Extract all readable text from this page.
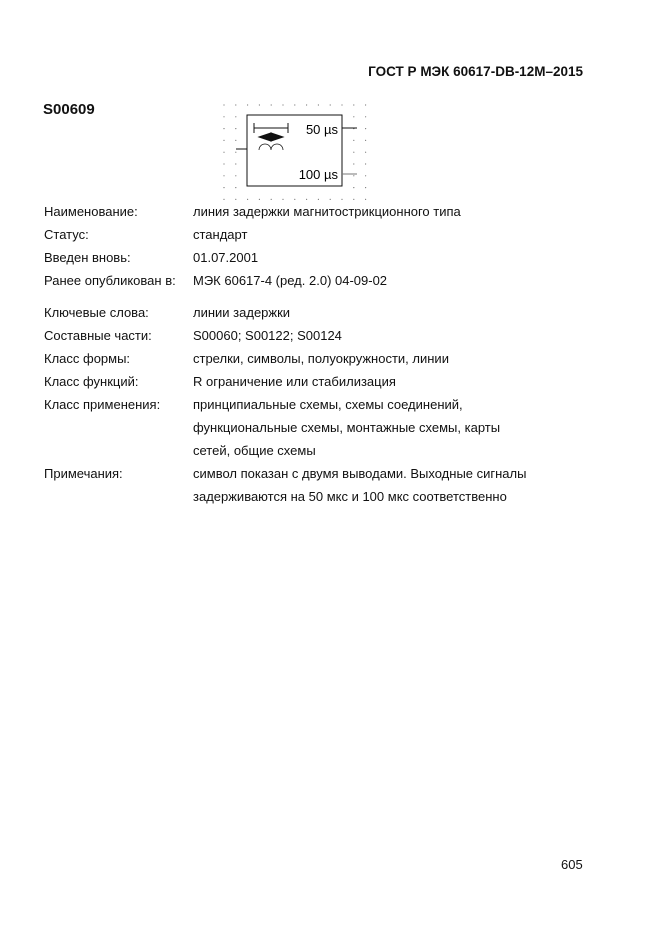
ГОСТ Р МЭК 60617-DB-12M–2015
S00609
50 µs
100 µs
Наименование:	линия задержки магнитострикционного типа
Статус:	стандарт
Введен вновь:	01.07.2001
Ранее опубликован в: МЭК 60617-4 (ред. 2.0) 04-09-02
Ключевые слова:	линии задержки
Составные части:	S00060; S00122; S00124
Класс формы:	стрелки, символы, полуокружности, линии
Класс функций:	R ограничение или стабилизация
Класс применения:	принципиальные схемы, схемы соединений,
функциональные схемы, монтажные схемы, карты
сетей, общие схемы
Примечания:	символ показан с двумя выводами. Выходные сигналы
задерживаются на 50 мкс и 100 мкс соответственно
605
